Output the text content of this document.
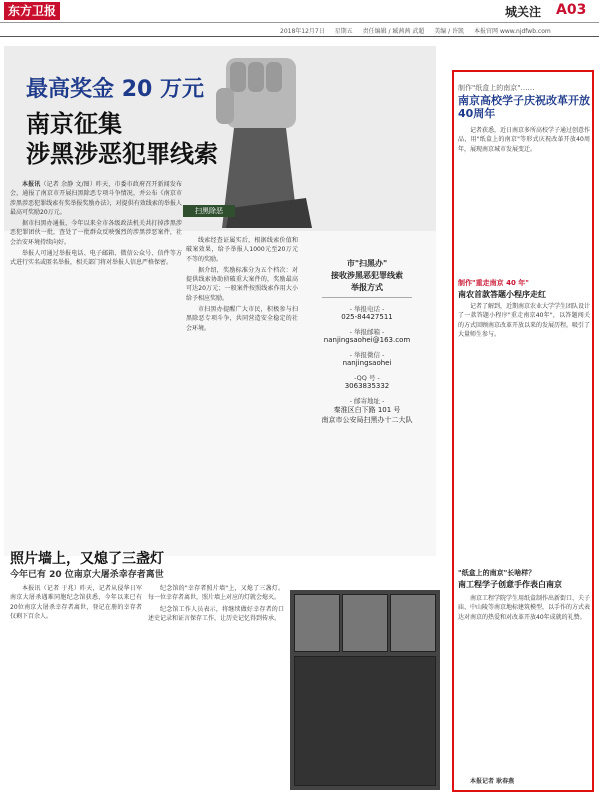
东方卫报	城关注 A03
2018年12月7日 星期五 责任编辑 / 臧茜茜 武超 美编 / 许凯 本报官网 www.njdfwb.com
最高奖金 20 万元
南京征集
涉黑涉恶犯罪线索
扫黑除恶

本报讯（记者 余静 文/图）昨天，市委市政府召开新闻发布会，通报了南京市开展扫黑除恶专项斗争情况，并公布《南京市涉黑涉恶犯罪线索有奖举报奖励办法》，对提供有效线索的举报人最高可奖励20万元。

据市扫黑办通报，今年以来全市各级政法机关共打掉涉黑涉恶犯罪团伙一批，查处了一批群众反映强烈的涉黑涉恶案件，社会治安环境持续向好。

举报人可通过举报电话、电子邮箱、微信公众号、信件等方式进行实名或匿名举报，相关部门将对举报人信息严格保密。

线索经查证属实后，根据线索价值和破案效果，给予举报人1000元至20万元不等的奖励。

据介绍，奖励标准分为五个档次：对提供线索协助侦破重大案件的，奖励最高可达20万元；一般案件按照线索作用大小给予相应奖励。

市扫黑办提醒广大市民，积极参与扫黑除恶专项斗争，共同营造安全稳定的社会环境。

市"扫黑办"
接收涉黑恶犯罪线索
举报方式
- 举报电话 -
025-84427511
- 举报邮箱 -
nanjingsaohei@163.com
- 举报微信 -
nanjingsaohei
-QQ 号 -
3063835332
- 邮寄地址 -
秦淮区白下路 101 号
南京市公安局扫黑办十二大队
照片墙上，又熄了三盏灯
今年已有 20 位南京大屠杀幸存者离世

本报讯（记者 于兆）昨天，记者从侵华日军南京大屠杀遇难同胞纪念馆获悉，今年以来已有20位南京大屠杀幸存者离世，登记在册的幸存者仅剩下百余人。

纪念馆的"幸存者照片墙"上，又熄了三盏灯。每一位幸存者离世，照片墙上对应的灯就会熄灭。

纪念馆工作人员表示，将继续做好幸存者的口述史记录和证言保存工作，让历史记忆得到传承。

制作"纸盒上的南京"……
南京高校学子庆祝改革开放40周年

记者获悉，近日南京多所高校学子通过创意作品，用"纸盒上的南京"等形式庆祝改革开放40周年，展现南京城市发展变迁。

制作"重走南京 40 年"
南农首款答题小程序走红

记者了解到，近期南京农业大学学生团队设计了一款答题小程序"重走南京40年"，以答题闯关的方式回顾南京改革开放以来的发展历程，吸引了大量师生参与。

"纸盒上的南京"长啥样？
南工程学子创意手作表白南京

南京工程学院学生用纸盒制作出新街口、夫子庙、中山陵等南京地标建筑模型，以手作的方式表达对南京的热爱和对改革开放40年成就的礼赞。

本报记者 耿春燕
